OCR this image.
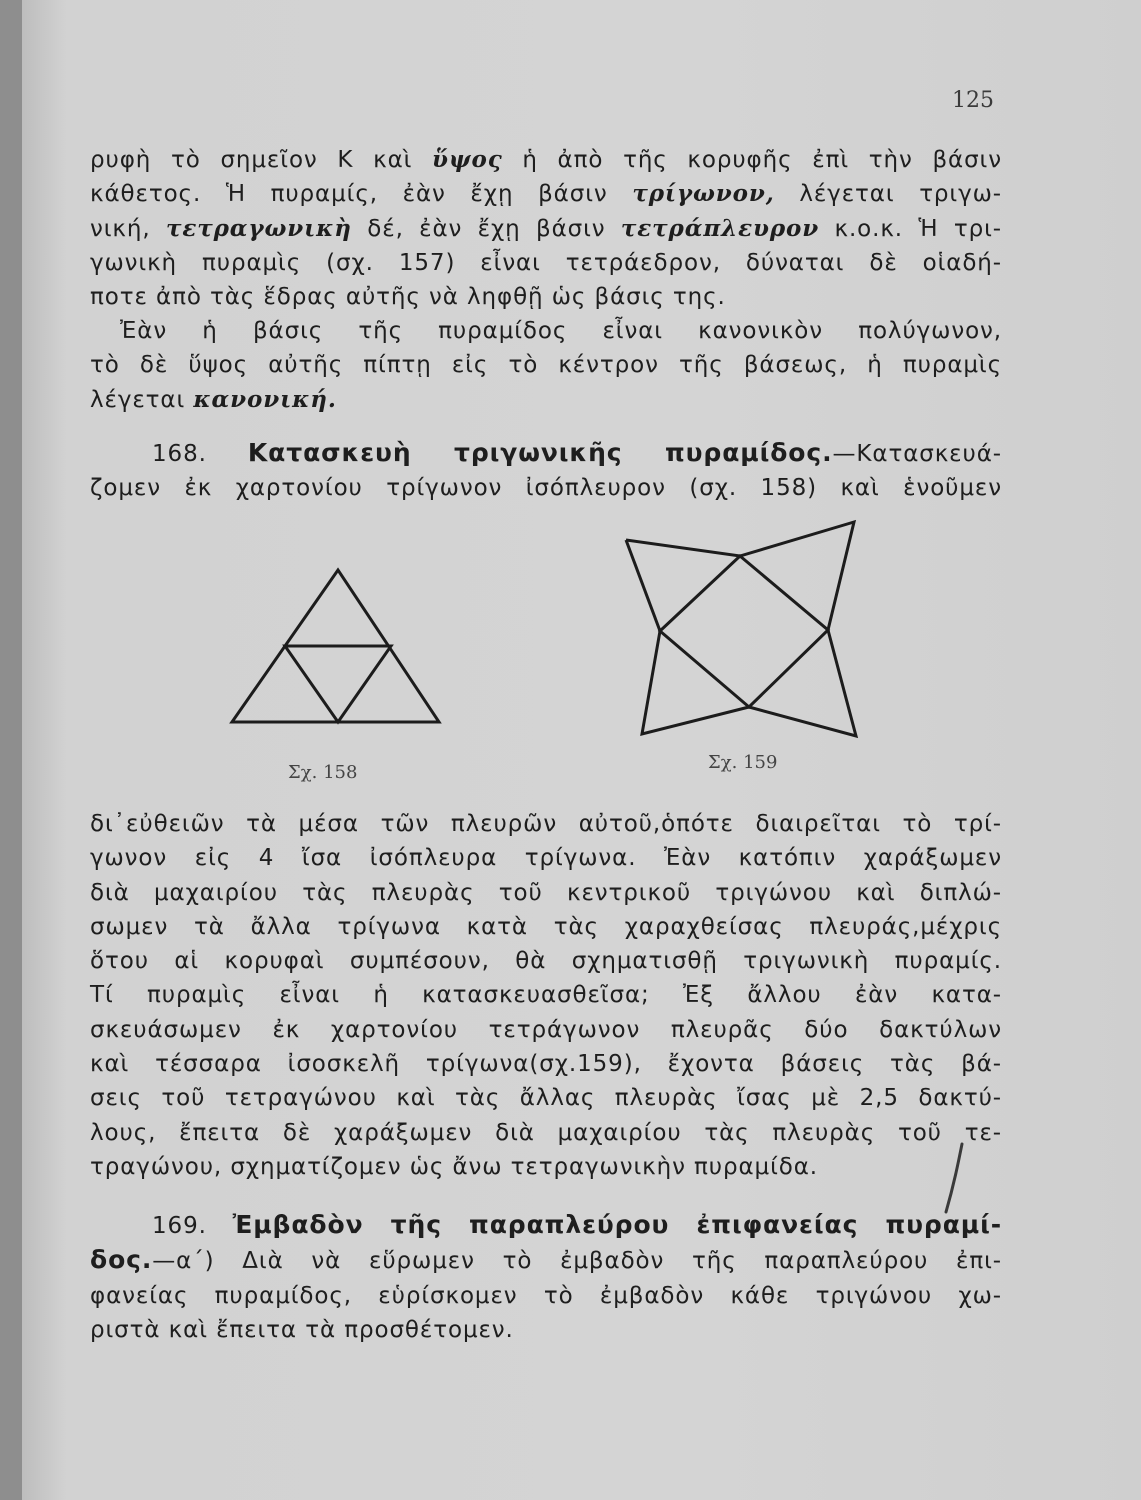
125
ρυφὴ τὸ σημεῖον Κ καὶ ὕψος ἡ ἀπὸ τῆς κορυφῆς ἐπὶ τὴν βάσιν
κάθετος. Ἡ πυραμίς, ἐὰν ἔχῃ βάσιν τρίγωνον, λέγεται τριγω-
νική, τετραγωνικὴ δέ, ἐὰν ἔχῃ βάσιν τετράπλευρον κ.ο.κ. Ἡ τρι-
γωνικὴ πυραμὶς (σχ. 157) εἶναι τετράεδρον, δύναται δὲ οἱαδή-
ποτε ἀπὸ τὰς ἕδρας αὐτῆς νὰ ληφθῇ ὡς βάσις της.
Ἐὰν ἡ βάσις τῆς πυραμίδος εἶναι κανονικὸν πολύγωνον,
τὸ δὲ ὕψος αὐτῆς πίπτῃ εἰς τὸ κέντρον τῆς βάσεως, ἡ πυραμὶς
λέγεται κανονική.
168. Κατασκευὴ τριγωνικῆς πυραμίδος.—Κατασκευά-
ζομεν ἐκ χαρτονίου τρίγωνον ἰσόπλευρον (σχ. 158) καὶ ἑνοῦμεν
Σχ. 158	Σχ. 159
δι᾽εὐθειῶν τὰ μέσα τῶν πλευρῶν αὐτοῦ,ὁπότε διαιρεῖται τὸ τρί-
γωνον εἰς 4 ἴσα ἰσόπλευρα τρίγωνα. Ἐὰν κατόπιν χαράξωμεν
διὰ μαχαιρίου τὰς πλευρὰς τοῦ κεντρικοῦ τριγώνου καὶ διπλώ-
σωμεν τὰ ἄλλα τρίγωνα κατὰ τὰς χαραχθείσας πλευράς,μέχρις
ὅτου αἱ κορυφαὶ συμπέσουν, θὰ σχηματισθῇ τριγωνικὴ πυραμίς.
Τί πυραμὶς εἶναι ἡ κατασκευασθεῖσα; Ἐξ ἄλλου ἐὰν κατα-
σκευάσωμεν ἐκ χαρτονίου τετράγωνον πλευρᾶς δύο δακτύλων
καὶ τέσσαρα ἰσοσκελῆ τρίγωνα(σχ.159), ἔχοντα βάσεις τὰς βά-
σεις τοῦ τετραγώνου καὶ τὰς ἄλλας πλευρὰς ἴσας μὲ 2,5 δακτύ-
λους, ἔπειτα δὲ χαράξωμεν διὰ μαχαιρίου τὰς πλευρὰς τοῦ τε-
τραγώνου, σχηματίζομεν ὡς ἄνω τετραγωνικὴν πυραμίδα.
169. Ἐμβαδὸν τῆς παραπλεύρου ἐπιφανείας πυραμί-
δος.—α΄) Διὰ νὰ εὕρωμεν τὸ ἐμβαδὸν τῆς παραπλεύρου ἐπι-
φανείας πυραμίδος, εὑρίσκομεν τὸ ἐμβαδὸν κάθε τριγώνου χω-
ριστὰ καὶ ἔπειτα τὰ προσθέτομεν.
